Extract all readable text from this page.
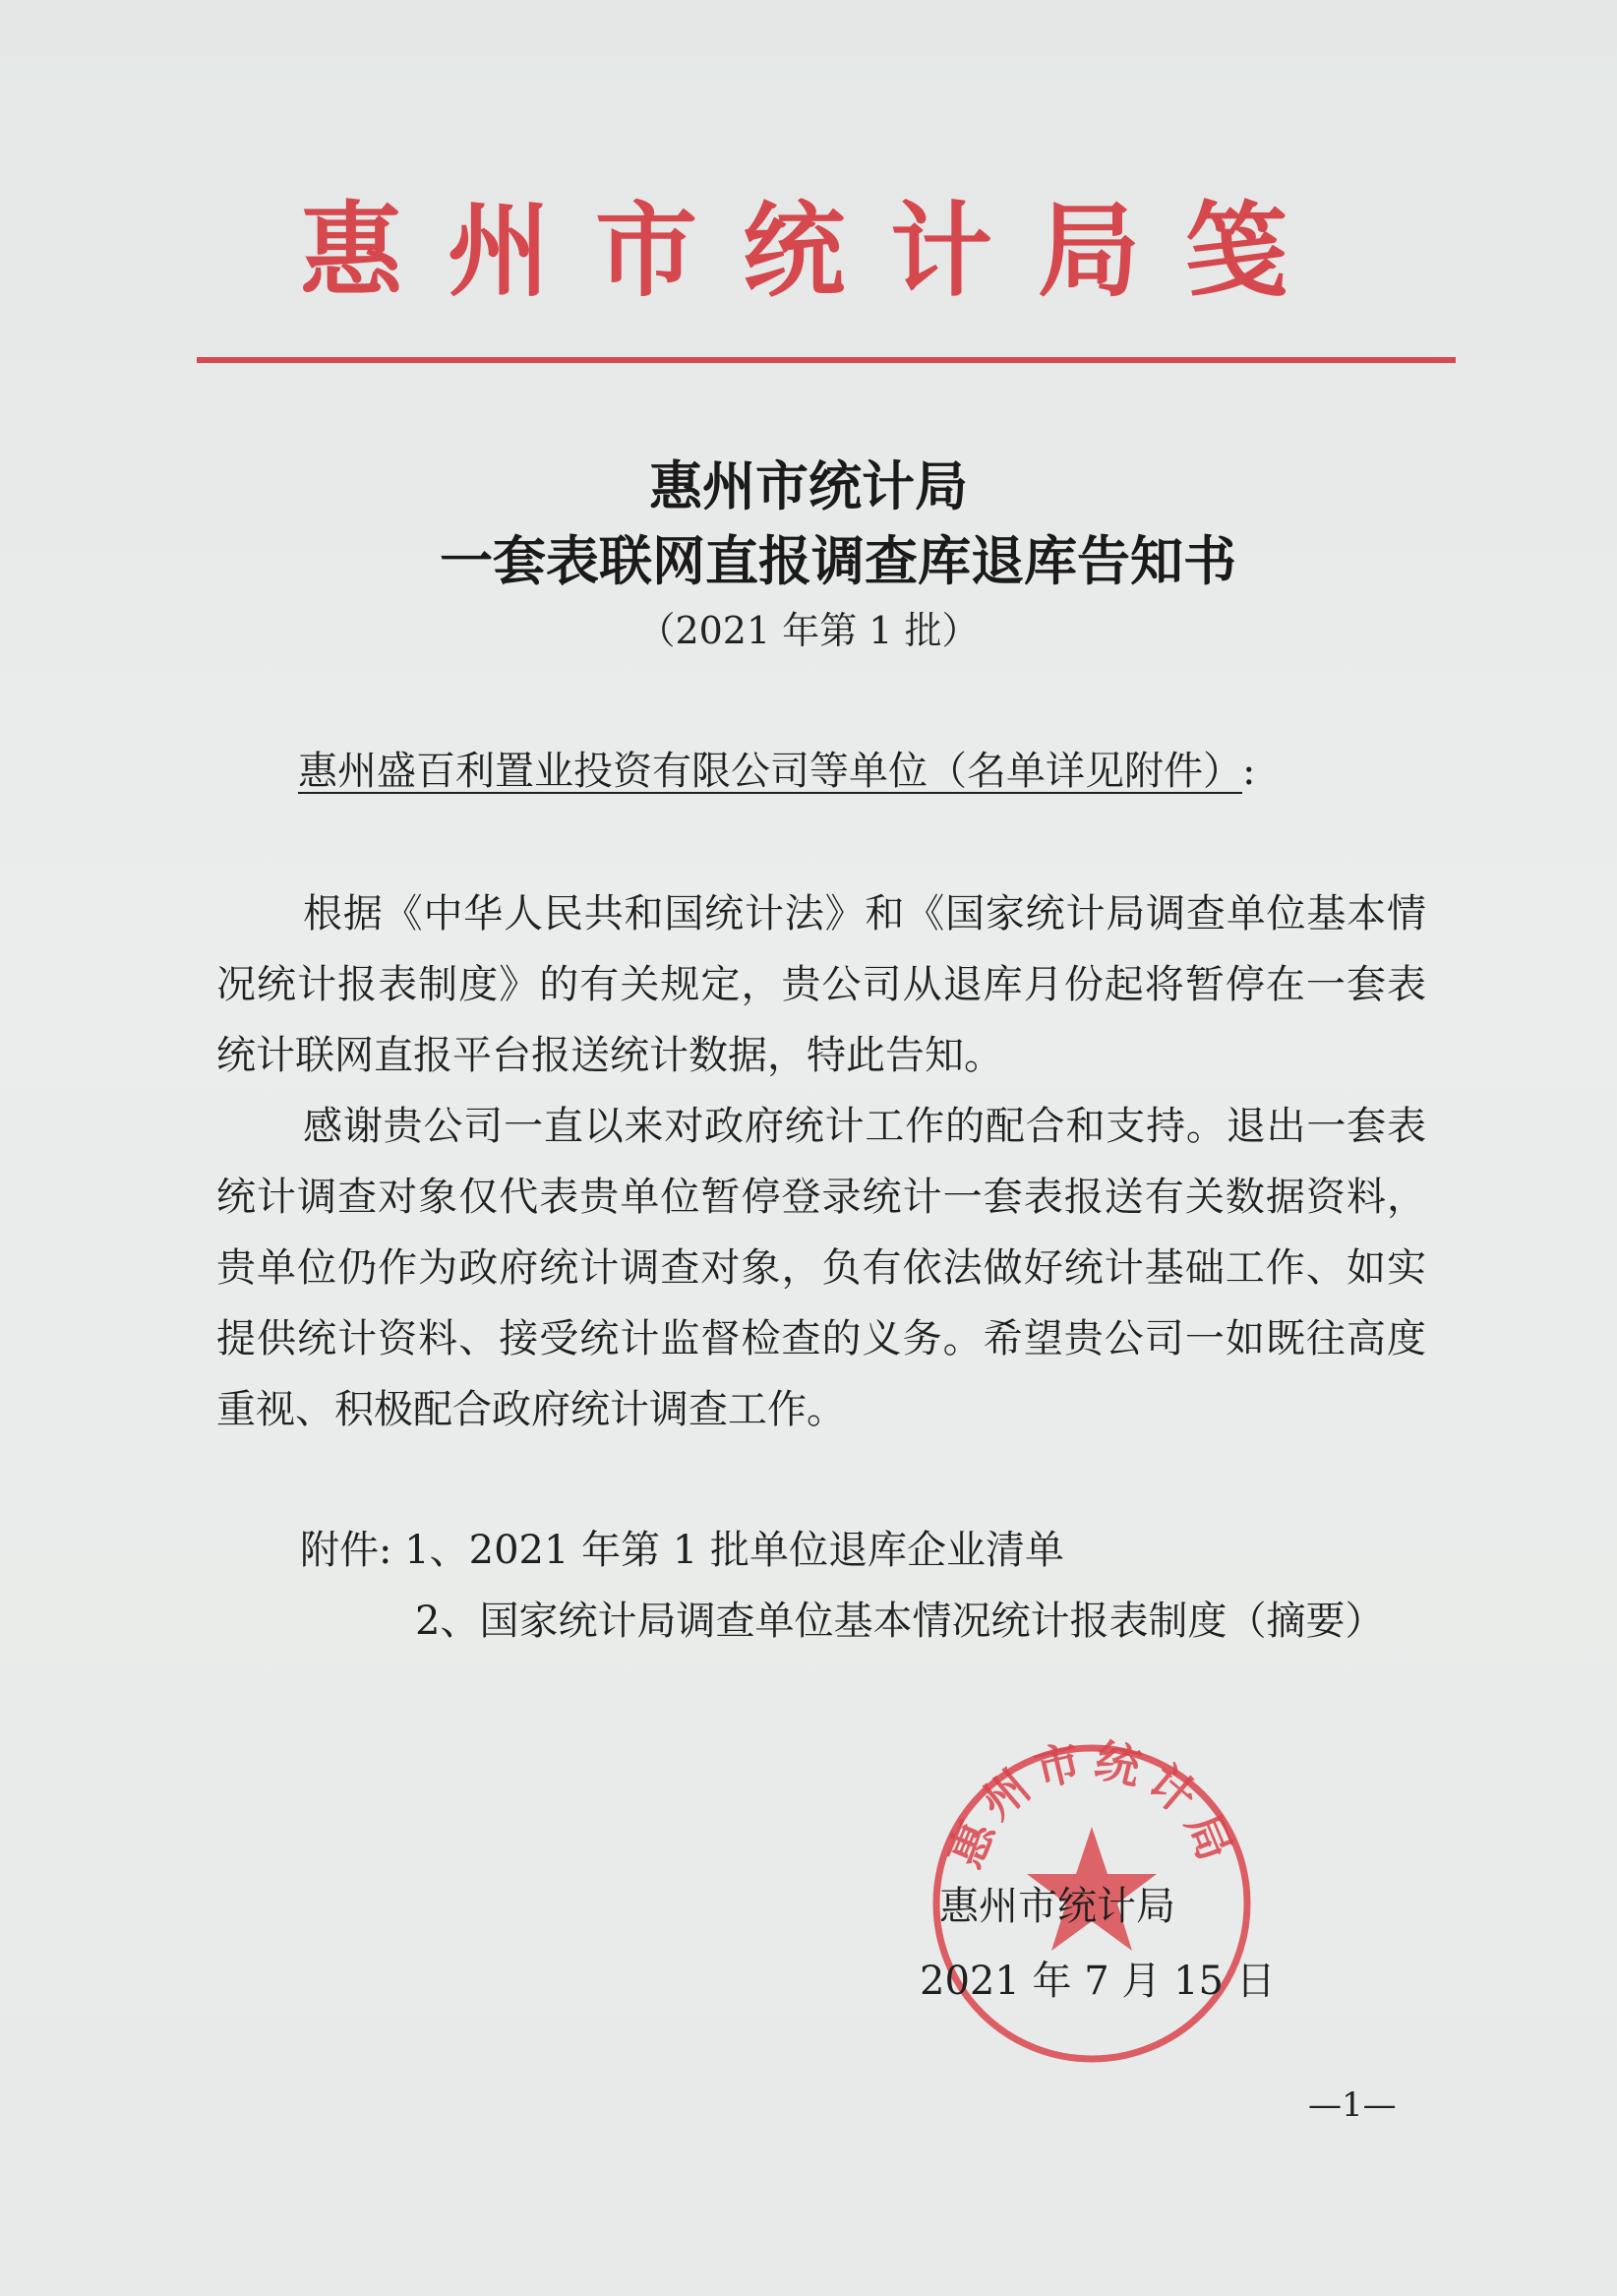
惠州市统计局笺
惠州市统计局
一套表联网直报调查库退库告知书
（2021 年第 1 批）
惠州盛百利置业投资有限公司等单位（名单详见附件）:

根据《中华人民共和国统计法》和《国家统计局调查单位基本情况统计报表制度》的有关规定，贵公司从退库月份起将暂停在一套表统计联网直报平台报送统计数据，特此告知。

感谢贵公司一直以来对政府统计工作的配合和支持。退出一套表统计调查对象仅代表贵单位暂停登录统计一套表报送有关数据资料，贵单位仍作为政府统计调查对象，负有依法做好统计基础工作、如实提供统计资料、接受统计监督检查的义务。希望贵公司一如既往高度重视、积极配合政府统计调查工作。

附件: 1、2021 年第 1 批单位退库企业清单
2、国家统计局调查单位基本情况统计报表制度（摘要）
惠州市统计局
惠州市统计局
2021 年 7 月 15 日
—1—
